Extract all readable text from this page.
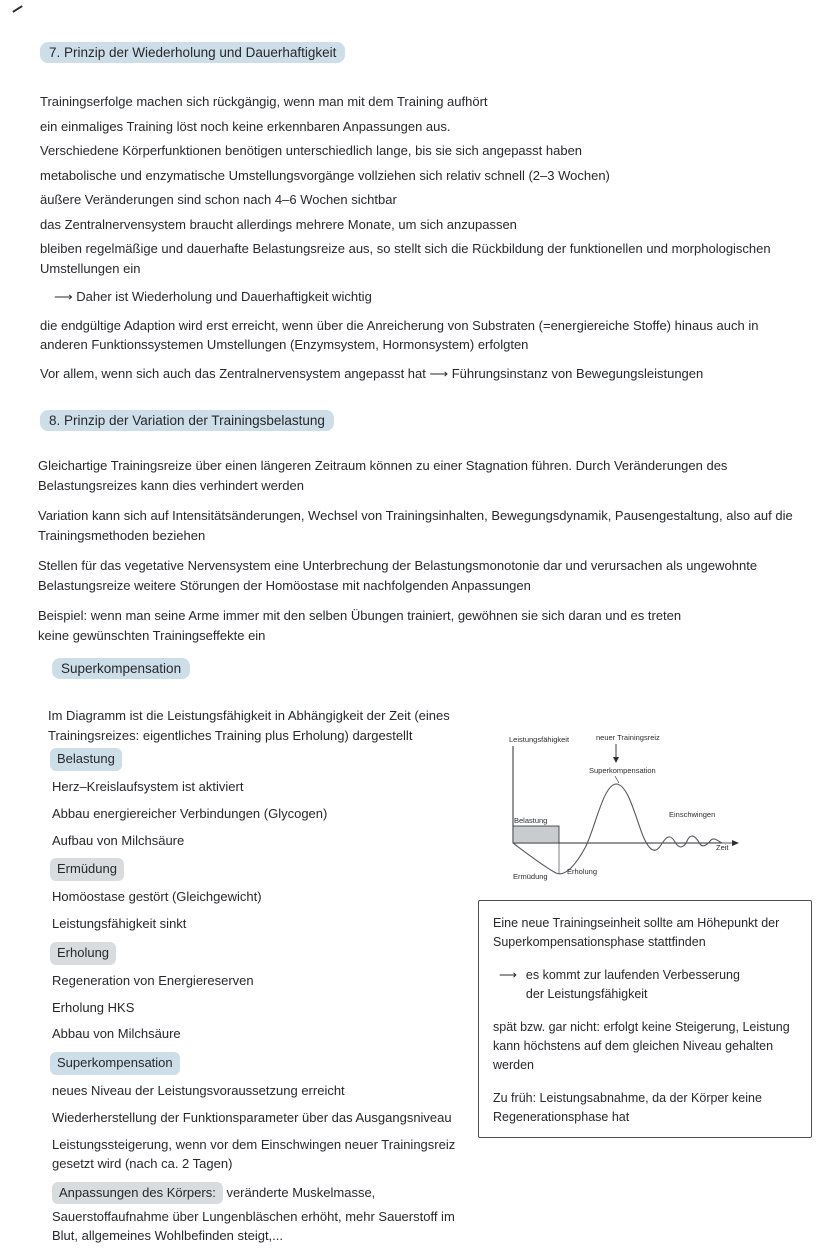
7. Prinzip der Wiederholung und Dauerhaftigkeit

Trainingserfolge machen sich rückgängig, wenn man mit dem Training aufhört

ein einmaliges Training löst noch keine erkennbaren Anpassungen aus.

Verschiedene Körperfunktionen benötigen unterschiedlich lange, bis sie sich angepasst haben

metabolische und enzymatische Umstellungsvorgänge vollziehen sich relativ schnell (2–3 Wochen)

äußere Veränderungen sind schon nach 4–6 Wochen sichtbar

das Zentralnervensystem braucht allerdings mehrere Monate, um sich anzupassen

bleiben regelmäßige und dauerhafte Belastungsreize aus, so stellt sich die Rückbildung der funktionellen und morphologischen Umstellungen ein

⟶ Daher ist Wiederholung und Dauerhaftigkeit wichtig

die endgültige Adaption wird erst erreicht, wenn über die Anreicherung von Substraten (=energiereiche Stoffe) hinaus auch in anderen Funktionssystemen Umstellungen (Enzymsystem, Hormonsystem) erfolgten

Vor allem, wenn sich auch das Zentralnervensystem angepasst hat ⟶ Führungsinstanz von Bewegungsleistungen

8. Prinzip der Variation der Trainingsbelastung

Gleichartige Trainingsreize über einen längeren Zeitraum können zu einer Stagnation führen. Durch Veränderungen des Belastungsreizes kann dies verhindert werden

Variation kann sich auf Intensitätsänderungen, Wechsel von Trainingsinhalten, Bewegungsdynamik, Pausengestaltung, also auf die Trainingsmethoden beziehen

Stellen für das vegetative Nervensystem eine Unterbrechung der Belastungsmonotonie dar und verursachen als ungewohnte Belastungsreize weitere Störungen der Homöostase mit nachfolgenden Anpassungen

Beispiel: wenn man seine Arme immer mit den selben Übungen trainiert, gewöhnen sie sich daran und es treten keine gewünschten Trainingseffekte ein

Superkompensation

Im Diagramm ist die Leistungsfähigkeit in Abhängigkeit der Zeit (eines Trainingsreizes: eigentliches Training plus Erholung) dargestellt

Belastung

Herz–Kreislaufsystem ist aktiviert

Abbau energiereicher Verbindungen (Glycogen)

Aufbau von Milchsäure

Ermüdung

Homöostase gestört (Gleichgewicht)

Leistungsfähigkeit sinkt

Erholung

Regeneration von Energiereserven

Erholung HKS

Abbau von Milchsäure

Superkompensation

neues Niveau der Leistungsvoraussetzung erreicht

Wiederherstellung der Funktionsparameter über das Ausgangsniveau

Leistungssteigerung, wenn vor dem Einschwingen neuer Trainingsreiz gesetzt wird (nach ca. 2 Tagen)

Anpassungen des Körpers: veränderte Muskelmasse, Sauerstoffaufnahme über Lungenbläschen erhöht, mehr Sauerstoff im Blut, allgemeines Wohlbefinden steigt,...

Leistungsfähigkeit	neuer Trainingsreiz
Superkompensation
Belastung
Einschwingen
Zeit
Ermüdung
Erholung

Eine neue Trainingseinheit sollte am Höhepunkt der Superkompensationsphase stattfinden

⟶ es kommt zur laufenden Verbesserung der Leistungsfähigkeit

spät bzw. gar nicht: erfolgt keine Steigerung, Leistung kann höchstens auf dem gleichen Niveau gehalten werden

Zu früh: Leistungsabnahme, da der Körper keine Regenerationsphase hat
